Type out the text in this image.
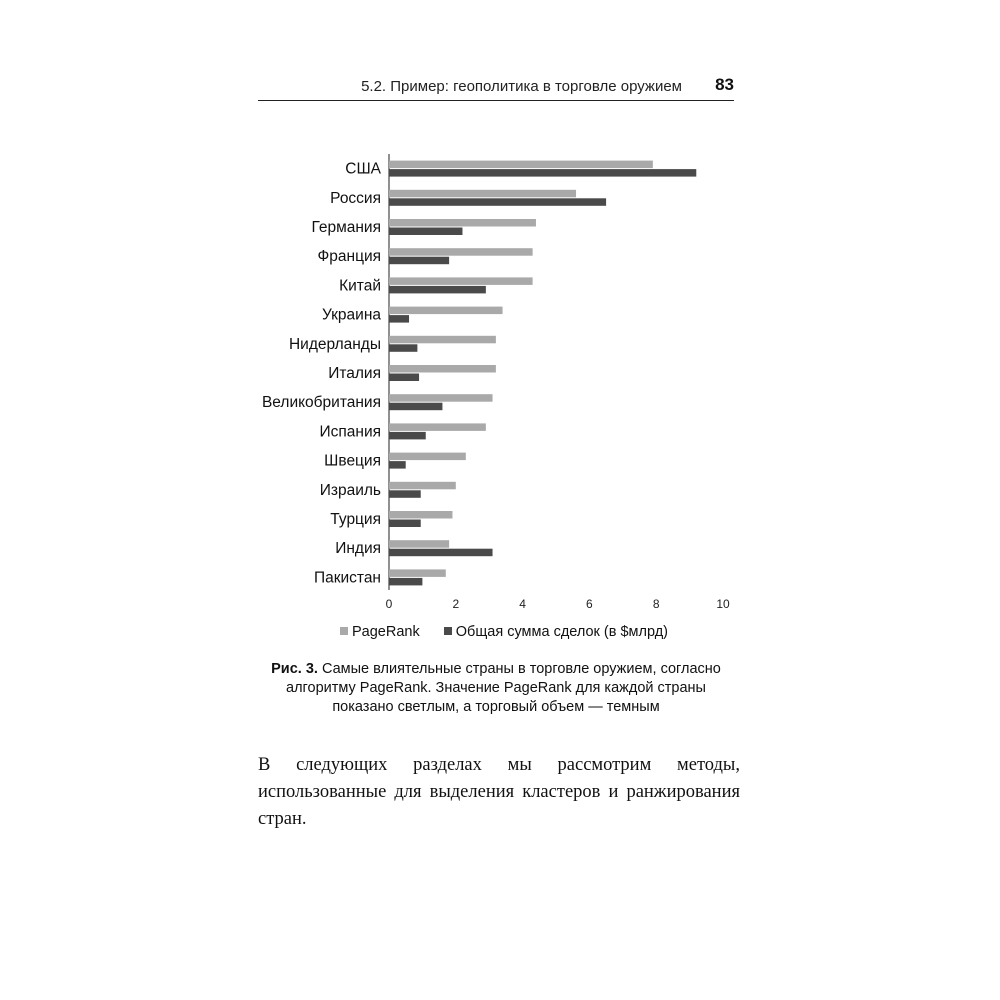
5.2. Пример: геополитика в торговле оружием 83
США
Россия
Германия
Франция
Китай
Украина
Нидерланды
Италия
Великобритания
Испания
Швеция
Израиль
Турция
Индия
Пакистан
0	2	4	6	8	10
PageRank Общая сумма сделок (в $млрд)
Рис. 3. Самые влиятельные страны в торговле оружием, согласно алгоритму PageRank. Значение PageRank для каждой страны показано светлым, а торговый объем — темным
В следующих разделах мы рассмотрим методы, использованные для выделения кластеров и ранжирования стран.
